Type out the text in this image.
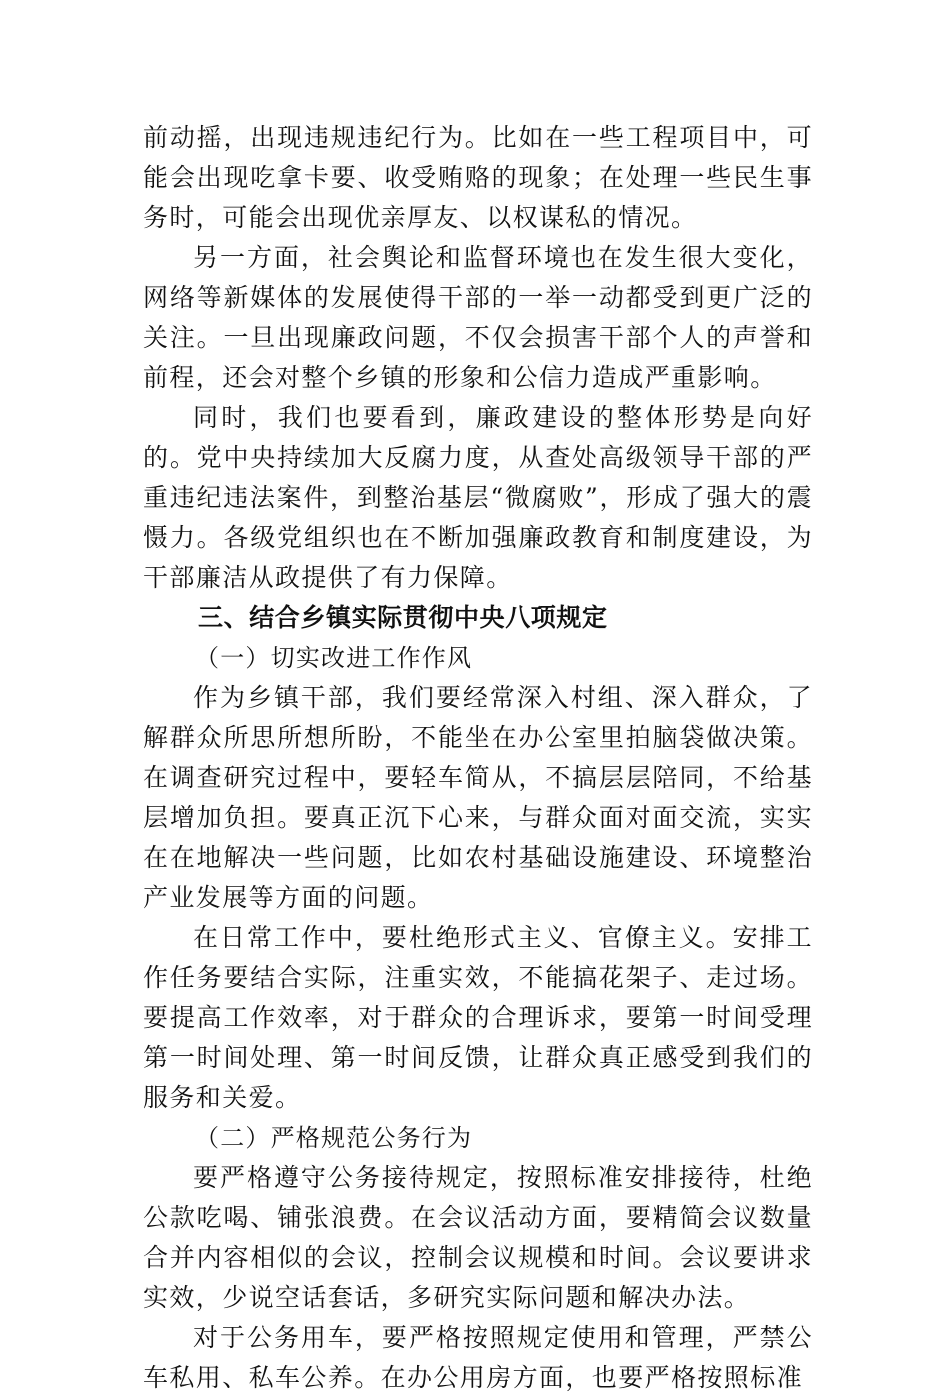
前动摇，出现违规违纪行为。比如在一些工程项目中，可能会出现吃拿卡要、收受贿赂的现象；在处理一些民生事务时，可能会出现优亲厚友、以权谋私的情况。

另一方面，社会舆论和监督环境也在发生很大变化，网络等新媒体的发展使得干部的一举一动都受到更广泛的关注。一旦出现廉政问题，不仅会损害干部个人的声誉和前程，还会对整个乡镇的形象和公信力造成严重影响。

同时，我们也要看到，廉政建设的整体形势是向好的。党中央持续加大反腐力度，从查处高级领导干部的严重违纪违法案件，到整治基层“微腐败”，形成了强大的震慑力。各级党组织也在不断加强廉政教育和制度建设，为干部廉洁从政提供了有力保障。

三、结合乡镇实际贯彻中央八项规定

（一）切实改进工作作风

作为乡镇干部，我们要经常深入村组、深入群众，了解群众所思所想所盼，不能坐在办公室里拍脑袋做决策。在调查研究过程中，要轻车简从，不搞层层陪同，不给基层增加负担。要真正沉下心来，与群众面对面交流，实实在在地解决一些问题，比如农村基础设施建设、环境整治产业发展等方面的问题。

在日常工作中，要杜绝形式主义、官僚主义。安排工作任务要结合实际，注重实效，不能搞花架子、走过场。要提高工作效率，对于群众的合理诉求，要第一时间受理第一时间处理、第一时间反馈，让群众真正感受到我们的服务和关爱。

（二）严格规范公务行为

要严格遵守公务接待规定，按照标准安排接待，杜绝公款吃喝、铺张浪费。在会议活动方面，要精简会议数量合并内容相似的会议，控制会议规模和时间。会议要讲求实效，少说空话套话，多研究实际问题和解决办法。

对于公务用车，要严格按照规定使用和管理，严禁公车私用、私车公养。在办公用房方面，也要严格按照标准
